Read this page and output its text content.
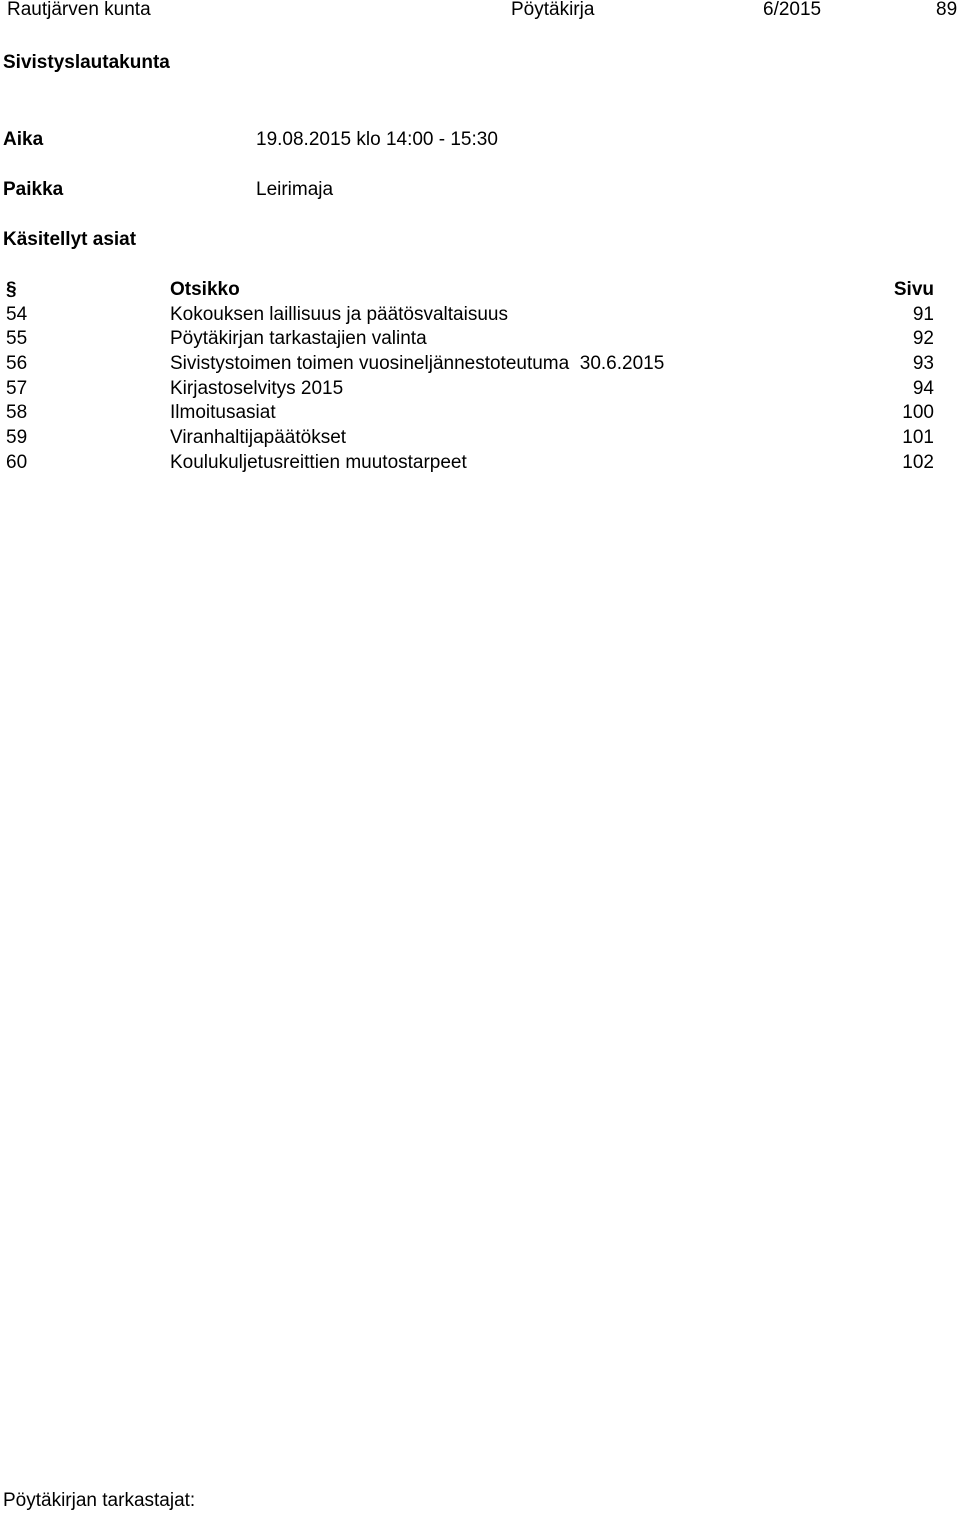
Rautjärven kunta	Pöytäkirja	6/2015	89
Sivistyslautakunta
Aika	19.08.2015 klo 14:00 - 15:30
Paikka	Leirimaja
Käsitellyt asiat
§	Otsikko	Sivu
54	Kokouksen laillisuus ja päätösvaltaisuus	91
55	Pöytäkirjan tarkastajien valinta	92
56	Sivistystoimen toimen vuosineljännestoteutuma  30.6.2015	93
57	Kirjastoselvitys 2015	94
58	Ilmoitusasiat	100
59	Viranhaltijapäätökset	101
60	Koulukuljetusreittien muutostarpeet	102
Pöytäkirjan tarkastajat:
